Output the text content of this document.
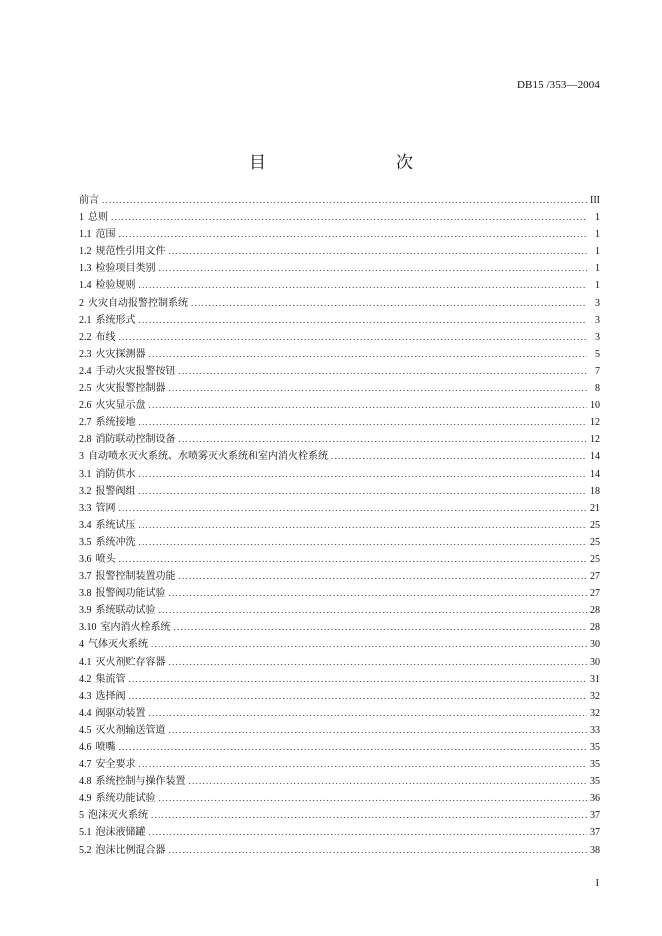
DB15 /353—2004
目　　次
前言 . . .	III
1 总则 . . .	1
1.1 范围 . . .	1
1.2 规范性引用文件 . . .	1
1.3 检验项目类别 . . .	1
1.4 检验规则 . . .	1
2 火灾自动报警控制系统 . . .	3
2.1 系统形式 . . .	3
2.2 布线 . . .	3
2.3 火灾探测器 . . .	5
2.4 手动火灾报警按钮 . . .	7
2.5 火灾报警控制器 . . .	8
2.6 火灾显示盘 . . .	10
2.7 系统接地 . . .	12
2.8 消防联动控制设备 . . .	12
3 自动喷水灭火系统、水喷雾灭火系统和室内消火栓系统 . . .	14
3.1 消防供水 . . .	14
3.2 报警阀组 . . .	18
3.3 管网 . . .	21
3.4 系统试压 . . .	25
3.5 系统冲洗 . . .	25
3.6 喷头 . . .	25
3.7 报警控制装置功能 . . .	27
3.8 报警阀功能试验 . . .	27
3.9 系统联动试验 . . .	28
3.10 室内消火栓系统 . . .	28
4 气体灭火系统 . . .	30
4.1 灭火剂贮存容器 . . .	30
4.2 集流管 . . .	31
4.3 选择阀 . . .	32
4.4 阀驱动装置 . . .	32
4.5 灭火剂输送管道 . . .	33
4.6 喷嘴 . . .	35
4.7 安全要求 . . .	35
4.8 系统控制与操作装置 . . .	35
4.9 系统功能试验 . . .	36
5 泡沫灭火系统 . . .	37
5.1 泡沫液储罐 . . .	37
5.2 泡沫比例混合器 . . .	38
I
